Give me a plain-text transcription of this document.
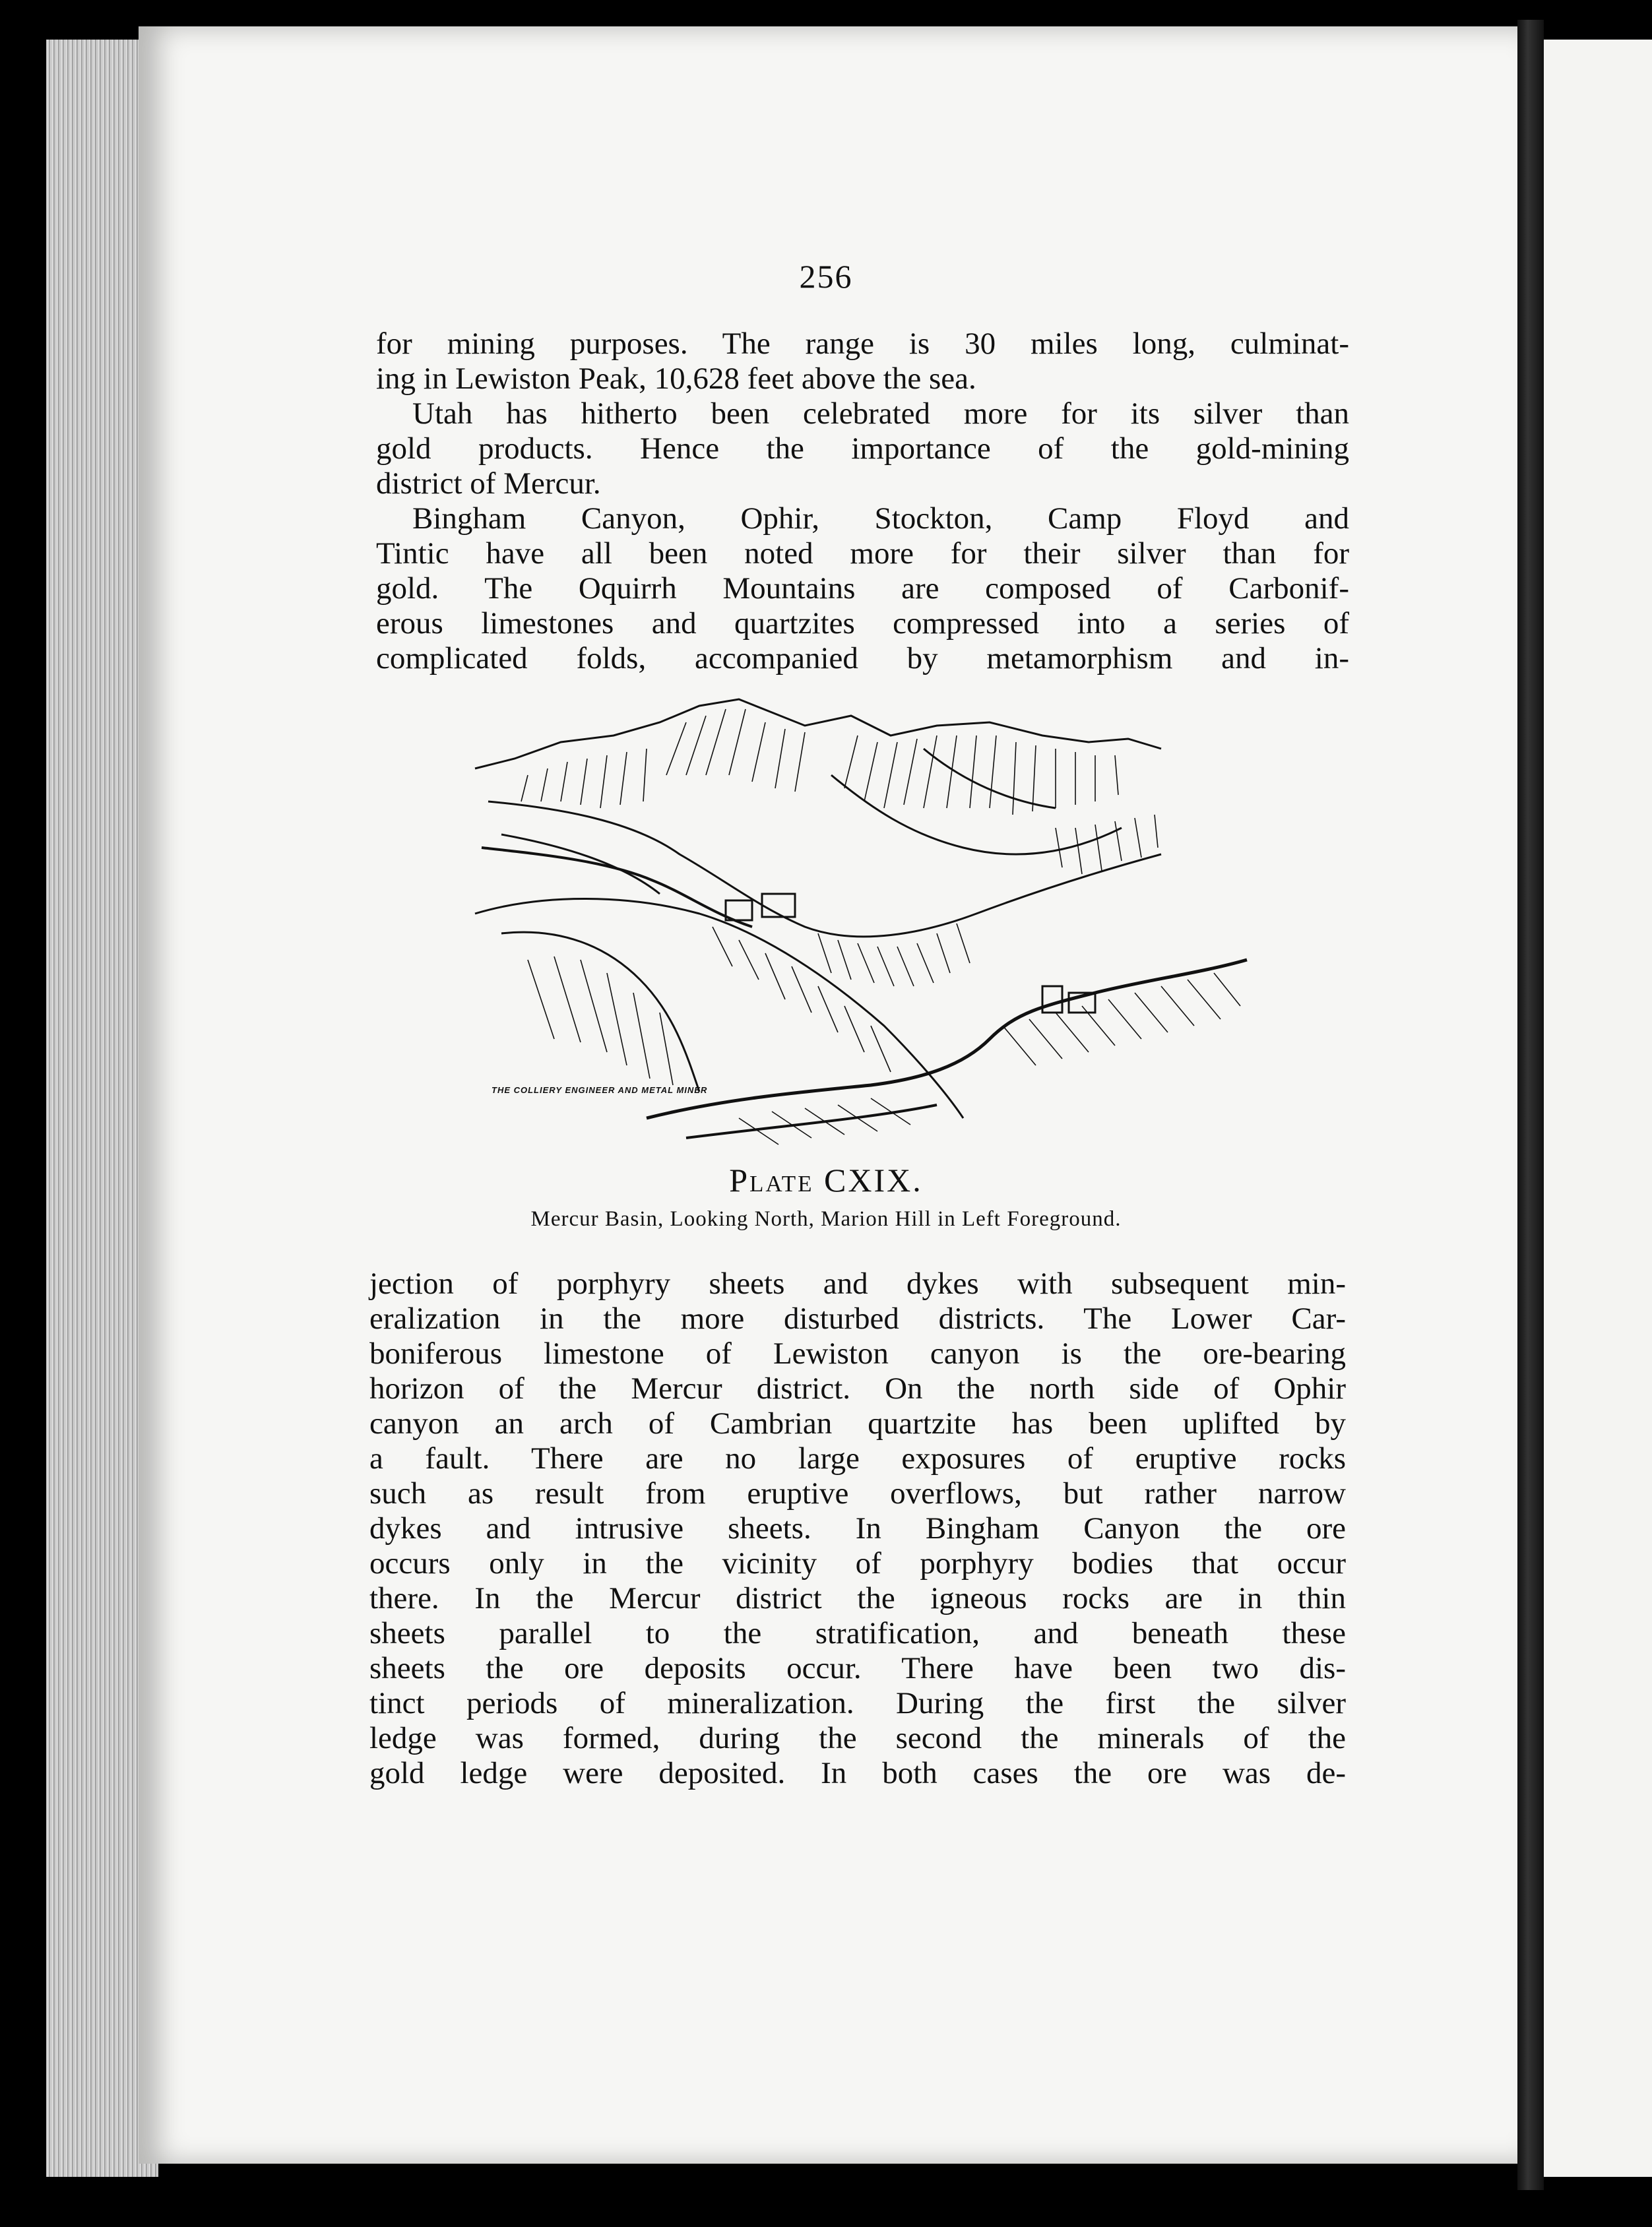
256
for mining purposes. The range is 30 miles long, culminat-
ing in Lewiston Peak, 10,628 feet above the sea.
Utah has hitherto been celebrated more for its silver than
gold products. Hence the importance of the gold-mining
district of Mercur.
Bingham Canyon, Ophir, Stockton, Camp Floyd and
Tintic have all been noted more for their silver than for
gold. The Oquirrh Mountains are composed of Carbonif-
erous limestones and quartzites compressed into a series of
complicated folds, accompanied by metamorphism and in-
THE COLLIERY ENGINEER AND METAL MINER
Plate CXIX.
Mercur Basin, Looking North, Marion Hill in Left Foreground.
jection of porphyry sheets and dykes with subsequent min-
eralization in the more disturbed districts. The Lower Car-
boniferous limestone of Lewiston canyon is the ore-bearing
horizon of the Mercur district. On the north side of Ophir
canyon an arch of Cambrian quartzite has been uplifted by
a fault. There are no large exposures of eruptive rocks
such as result from eruptive overflows, but rather narrow
dykes and intrusive sheets. In Bingham Canyon the ore
occurs only in the vicinity of porphyry bodies that occur
there. In the Mercur district the igneous rocks are in thin
sheets parallel to the stratification, and beneath these
sheets the ore deposits occur. There have been two dis-
tinct periods of mineralization. During the first the silver
ledge was formed, during the second the minerals of the
gold ledge were deposited. In both cases the ore was de-
